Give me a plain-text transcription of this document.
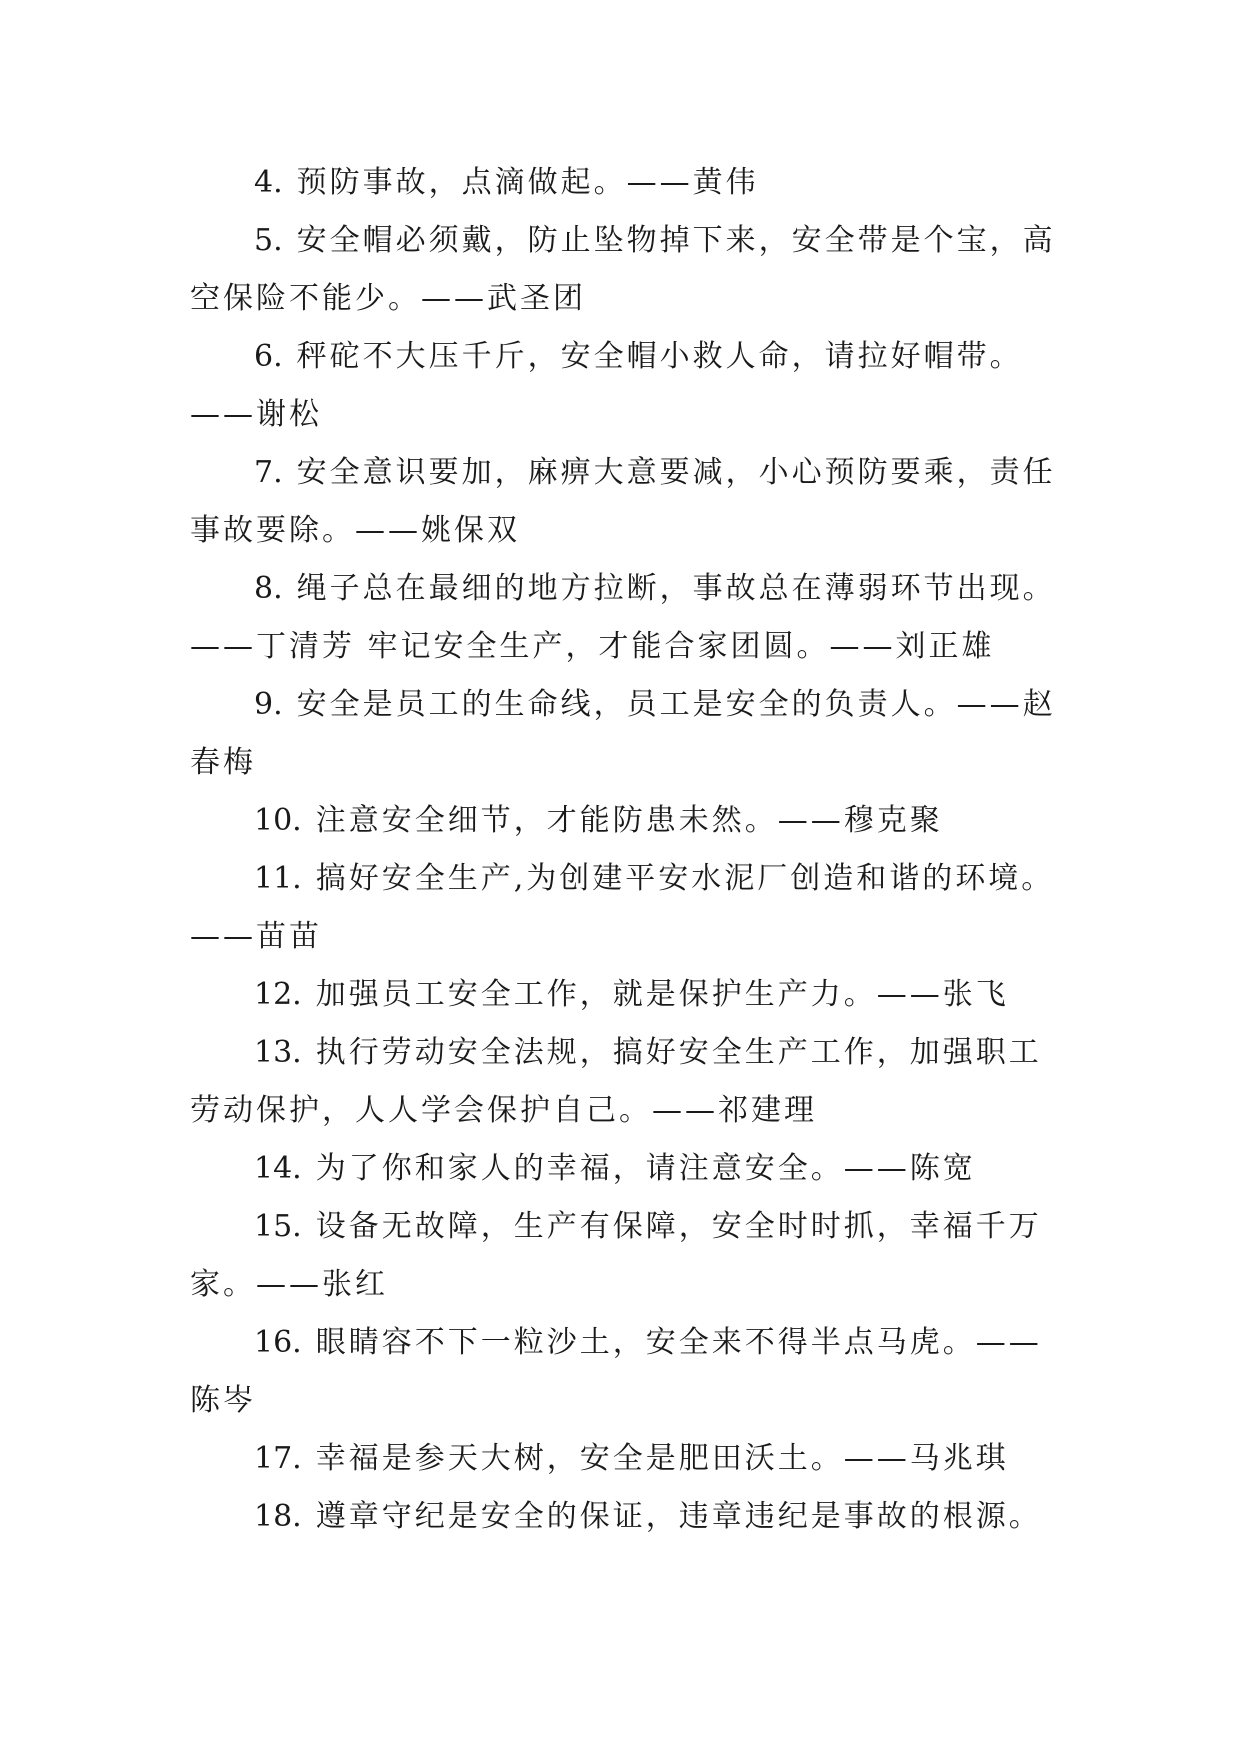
4. 预防事故，点滴做起。——黄伟

5. 安全帽必须戴，防止坠物掉下来，安全带是个宝，高空保险不能少。——武圣团

6. 秤砣不大压千斤，安全帽小救人命，请拉好帽带。——谢松

7. 安全意识要加，麻痹大意要减，小心预防要乘，责任事故要除。——姚保双

8. 绳子总在最细的地方拉断，事故总在薄弱环节出现。——丁清芳 牢记安全生产，才能合家团圆。——刘正雄

9. 安全是员工的生命线，员工是安全的负责人。——赵春梅

10. 注意安全细节，才能防患未然。——穆克聚

11. 搞好安全生产,为创建平安水泥厂创造和谐的环境。——苗苗

12. 加强员工安全工作，就是保护生产力。——张飞

13. 执行劳动安全法规，搞好安全生产工作，加强职工劳动保护，人人学会保护自己。——祁建理

14. 为了你和家人的幸福，请注意安全。——陈宽

15. 设备无故障，生产有保障，安全时时抓，幸福千万家。——张红

16. 眼睛容不下一粒沙土，安全来不得半点马虎。——陈岑

17. 幸福是参天大树，安全是肥田沃土。——马兆琪

18. 遵章守纪是安全的保证，违章违纪是事故的根源。
